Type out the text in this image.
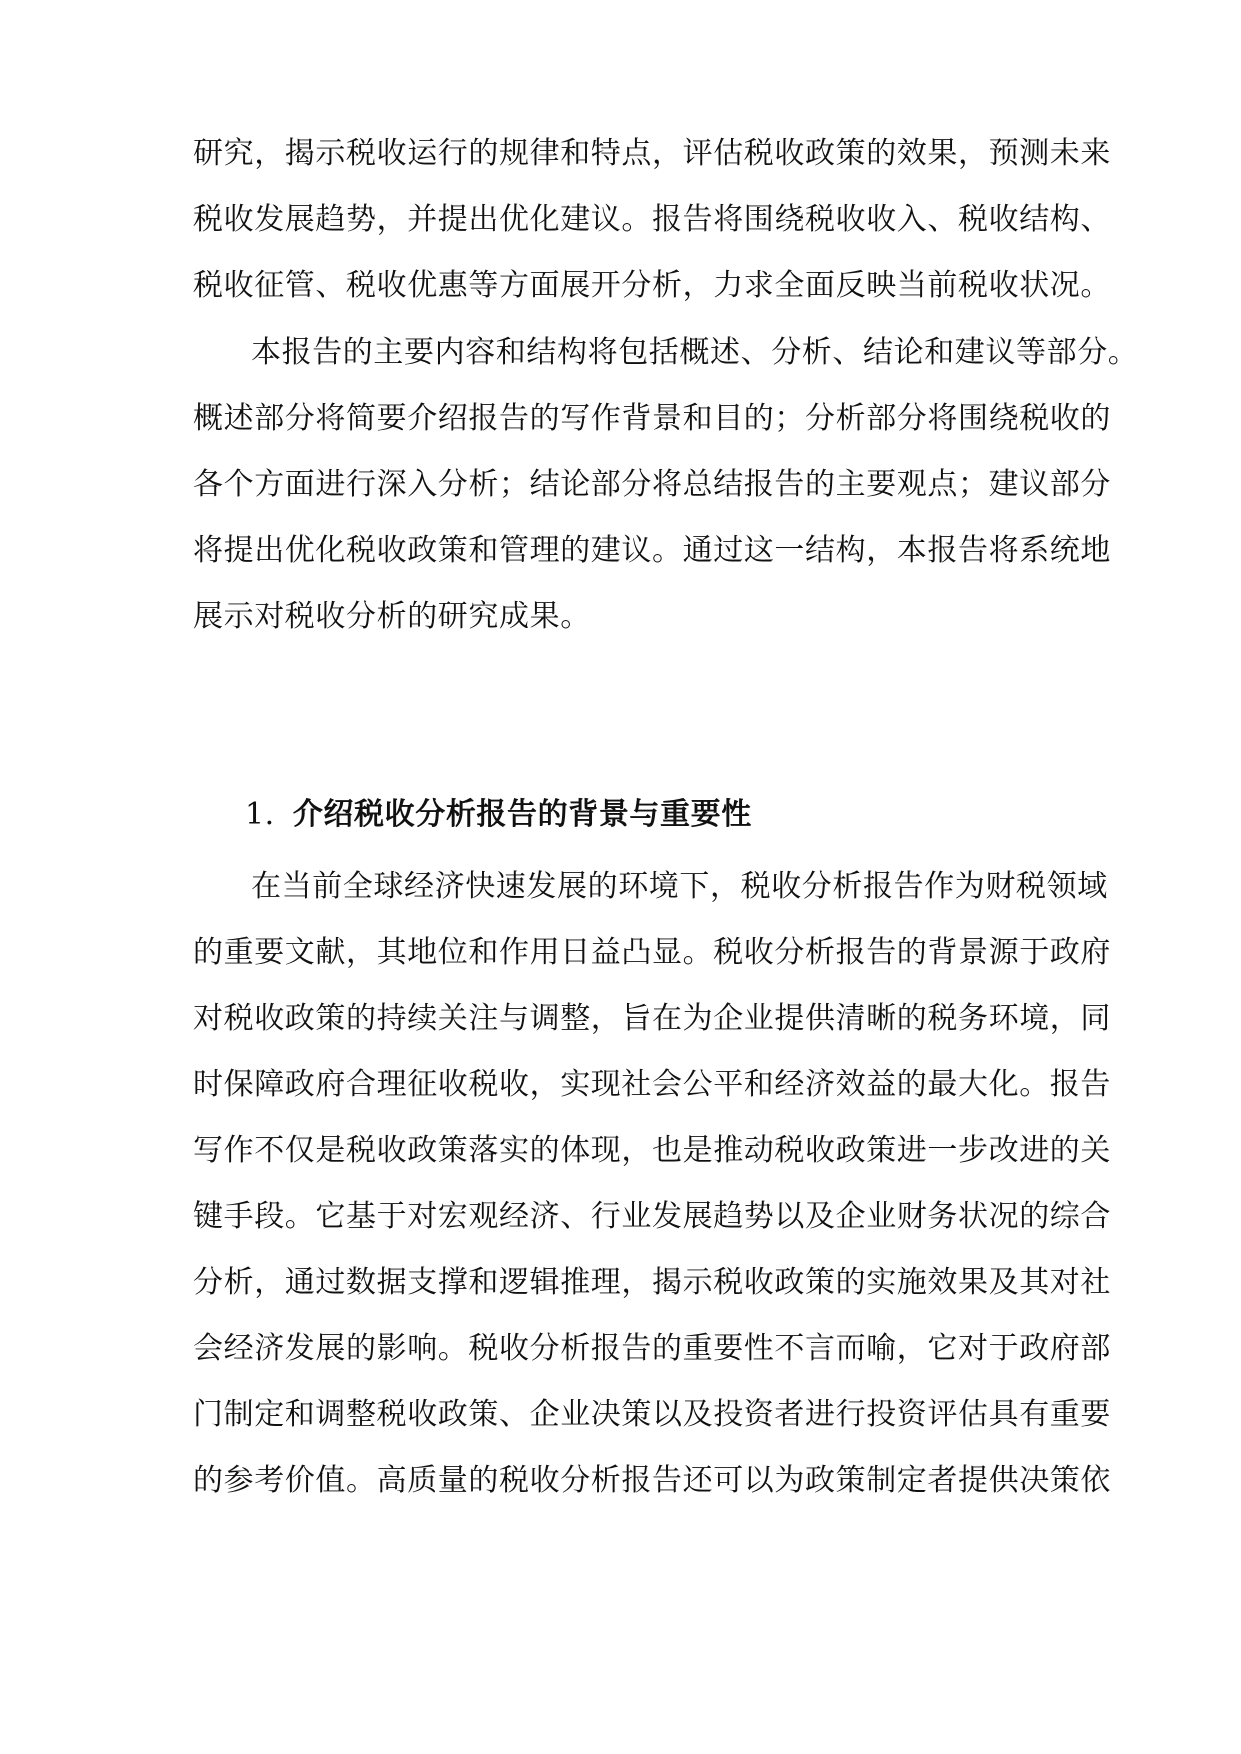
研究，揭示税收运行的规律和特点，评估税收政策的效果，预测未来
税收发展趋势，并提出优化建议。报告将围绕税收收入、税收结构、
税收征管、税收优惠等方面展开分析，力求全面反映当前税收状况。
本报告的主要内容和结构将包括概述、分析、结论和建议等部分。
概述部分将简要介绍报告的写作背景和目的；分析部分将围绕税收的
各个方面进行深入分析；结论部分将总结报告的主要观点；建议部分
将提出优化税收政策和管理的建议。通过这一结构，本报告将系统地
展示对税收分析的研究成果。
1. 介绍税收分析报告的背景与重要性
在当前全球经济快速发展的环境下，税收分析报告作为财税领域
的重要文献，其地位和作用日益凸显。税收分析报告的背景源于政府
对税收政策的持续关注与调整，旨在为企业提供清晰的税务环境，同
时保障政府合理征收税收，实现社会公平和经济效益的最大化。报告
写作不仅是税收政策落实的体现，也是推动税收政策进一步改进的关
键手段。它基于对宏观经济、行业发展趋势以及企业财务状况的综合
分析，通过数据支撑和逻辑推理，揭示税收政策的实施效果及其对社
会经济发展的影响。税收分析报告的重要性不言而喻，它对于政府部
门制定和调整税收政策、企业决策以及投资者进行投资评估具有重要
的参考价值。高质量的税收分析报告还可以为政策制定者提供决策依
